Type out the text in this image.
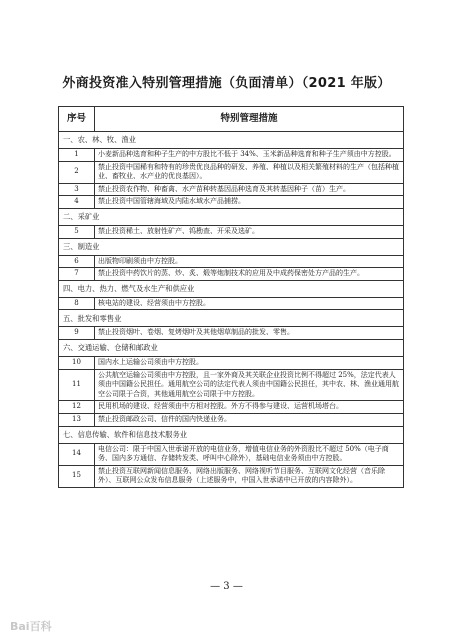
外商投资准入特别管理措施（负面清单）（2021 年版）
序号	特别管理措施
一、农、林、牧、渔业	
1	小麦新品种选育和种子生产的中方股比不低于 34%、玉米新品种选育和种子生产须由中方控股。
2	禁止投资中国稀有和特有的珍贵优良品种的研发、养殖、种植以及相关繁殖材料的生产（包括种植业、畜牧业、水产业的优良基因）。
3	禁止投资农作物、种畜禽、水产苗种转基因品种选育及其转基因种子（苗）生产。
4	禁止投资中国管辖海域及内陆水域水产品捕捞。
二、采矿业	
5	禁止投资稀土、放射性矿产、钨勘查、开采及选矿。
三、制造业	
6	出版物印刷须由中方控股。
7	禁止投资中药饮片的蒸、炒、炙、煅等炮制技术的应用及中成药保密处方产品的生产。
四、电力、热力、燃气及水生产和供应业	
8	核电站的建设、经营须由中方控股。
五、批发和零售业	
9	禁止投资烟叶、卷烟、复烤烟叶及其他烟草制品的批发、零售。
六、交通运输、仓储和邮政业	
10	国内水上运输公司须由中方控股。
11	公共航空运输公司须由中方控股，且一家外商及其关联企业投资比例不得超过 25%，法定代表人须由中国籍公民担任。通用航空公司的法定代表人须由中国籍公民担任，其中农、林、渔业通用航空公司限于合资，其他通用航空公司限于中方控股。
12	民用机场的建设、经营须由中方相对控股。外方不得参与建设、运营机场塔台。
13	禁止投资邮政公司、信件的国内快递业务。
七、信息传输、软件和信息技术服务业	
14	电信公司：限于中国入世承诺开放的电信业务，增值电信业务的外资股比不超过 50%（电子商务、国内多方通信、存储转发类、呼叫中心除外），基础电信业务须由中方控股。
15	禁止投资互联网新闻信息服务、网络出版服务、网络视听节目服务、互联网文化经营（音乐除外）、互联网公众发布信息服务（上述服务中，中国入世承诺中已开放的内容除外）。
— 3 —
Bai百科
